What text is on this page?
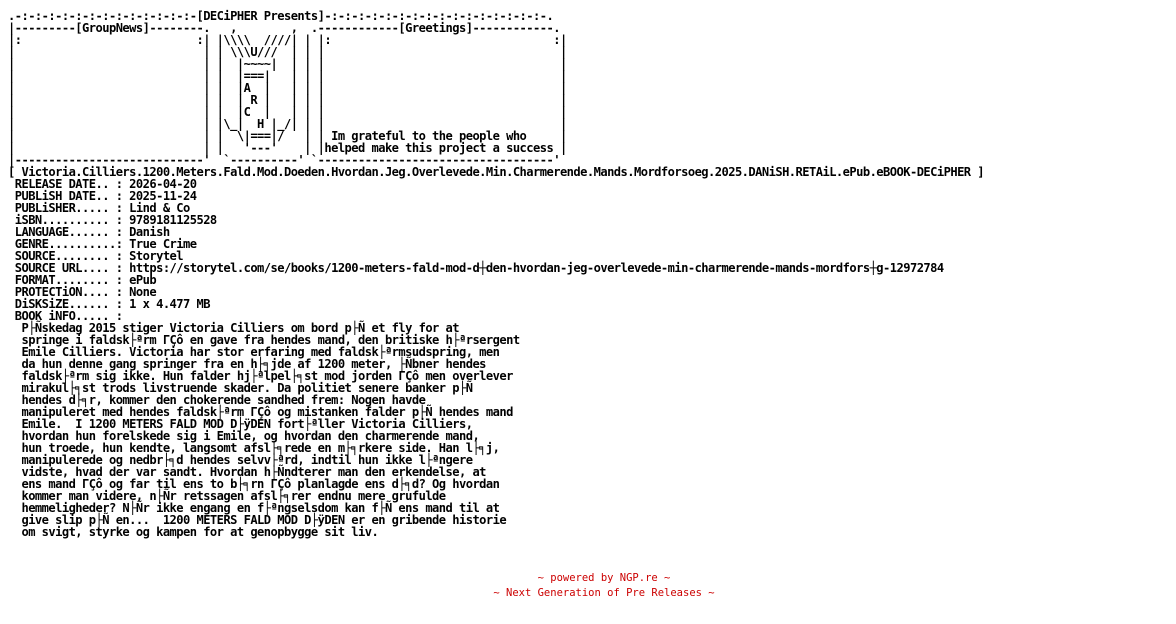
.-:-:-:-:-:-:-:-:-:-:-:-:-:-[DECiPHER Presents]-:-:-:-:-:-:-:-:-:-:-:-:-:-:-:-:-.
|---------[GroupNews]--------.   ,        ,  .------------[Greetings]------------.
|:                          :| |\\\\  ////| | |:                                 :|
|                            | | \\\U///  | | |                                   |
|                            | |  |~~~~|  | | |                                   |
|                            | |  |===|   | | |                                   |
|                            | |  |A  |   | | |                                   |
|                            | |  | R |   | | |                                   |
|                            | |  |C  |   | | |                                   |
|                            | |\_|  H |_/| | |                                   |
|                            | |  \|===|/   | | Im grateful to the people who     |
|                            | |   '---'    | |helped make this project a success |
|----------------------------'  `----------' `-----------------------------------'
[ Victoria.Cilliers.1200.Meters.Fald.Mod.Doeden.Hvordan.Jeg.Overlevede.Min.Charmerende.Mands.Mordforsoeg.2025.DANiSH.RETAiL.ePub.eBOOK-DECiPHER ]
RELEASE DATE.. : 2026-04-20
PUBLiSH DATE.. : 2025-11-24
PUBLiSHER..... : Lind & Co
iSBN.......... : 9789181125528
LANGUAGE...... : Danish
GENRE..........: True Crime
SOURCE........ : Storytel
SOURCE URL.... : https://storytel.com/se/books/1200-meters-fald-mod-d┼den-hvordan-jeg-overlevede-min-charmerende-mands-mordfors┼g-12972784
FORMAT........ : ePub
PROTECTiON.... : None
DiSKSiZE...... : 1 x 4.477 MB
BOOK iNFO..... :
P├Ñskedag 2015 stiger Victoria Cilliers om bord p├Ñ et fly for at
springe i faldsk├ªrm ΓÇô en gave fra hendes mand, den britiske h├ªrsergent
Emile Cilliers. Victoria har stor erfaring med faldsk├ªrmsudspring, men
da hun denne gang springer fra en h├╕jde af 1200 meter, ├Ñbner hendes
faldsk├ªrm sig ikke. Hun falder hj├ªlpel├╕st mod jorden ΓÇô men overlever
mirakul├╕st trods livstruende skader. Da politiet senere banker p├Ñ
hendes d├╕r, kommer den chokerende sandhed frem: Nogen havde
manipuleret med hendes faldsk├ªrm ΓÇô og mistanken falder p├Ñ hendes mand
Emile.  I 1200 METERS FALD MOD D├ÿDEN fort├ªller Victoria Cilliers,
hvordan hun forelskede sig i Emile, og hvordan den charmerende mand,
hun troede, hun kendte, langsomt afsl├╕rede en m├╕rkere side. Han l├╕j,
manipulerede og nedbr├╕d hendes selvv├ªrd, indtil hun ikke l├ªngere
vidste, hvad der var sandt. Hvordan h├Ñndterer man den erkendelse, at
ens mand ΓÇô og far til ens to b├╕rn ΓÇô planlagde ens d├╕d? Og hvordan
kommer man videre, n├Ñr retssagen afsl├╕rer endnu mere grufulde
hemmeligheder? N├Ñr ikke engang en f├ªngselsdom kan f├Ñ ens mand til at
give slip p├Ñ en...  1200 METERS FALD MOD D├ÿDEN er en gribende historie
om svigt, styrke og kampen for at genopbygge sit liv.
~ powered by NGP.re ~
~ Next Generation of Pre Releases ~
